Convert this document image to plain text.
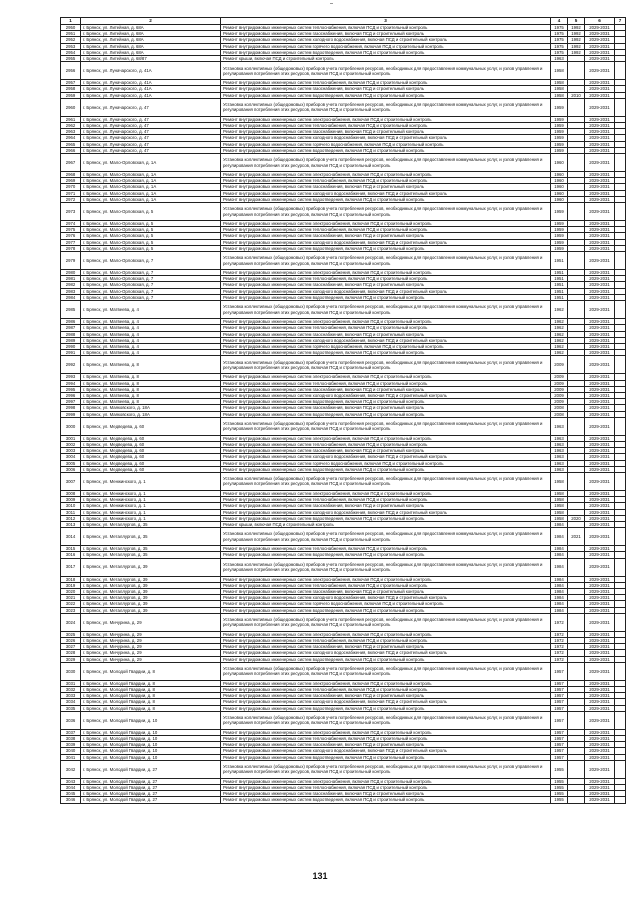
1	2	3	4	5	6	7
2950	г. Брянск, ул. Литейная, д. 68А	Ремонт внутридомовых инженерных систем теплоснабжения, включая ПСД и строительный контроль	1975	1992	2029-2031	
2951	г. Брянск, ул. Литейная, д. 68А	Ремонт внутридомовых инженерных систем газоснабжения, включая ПСД и строительный контроль	1975	1992	2029-2031	
2952	г. Брянск, ул. Литейная, д. 68А	Ремонт внутридомовых инженерных систем холодного водоснабжения, включая ПСД и строительный контроль	1975	1992	2029-2031	
2953	г. Брянск, ул. Литейная, д. 68А	Ремонт внутридомовых инженерных систем горячего водоснабжения, включая ПСД и строительный контроль	1975	1992	2029-2031	
2954	г. Брянск, ул. Литейная, д. 68А	Ремонт внутридомовых инженерных систем водоотведения, включая ПСД и строительный контроль	1975	1992	2029-2031	
2955	г. Брянск, ул. Литейная, д. 68/87	Ремонт крыши, включая ПСД и строительный контроль	1963		2029-2031	
2956	г. Брянск, ул. Луначарского, д. 41А	Установка коллективных (общедомовых) приборов учета потребления ресурсов, необходимых для предоставления коммунальных услуг, и узлов управления и регулирования потребления этих ресурсов, включая ПСД и строительный контроль	1958		2029-2031	
2957	г. Брянск, ул. Луначарского, д. 41А	Ремонт внутридомовых инженерных систем теплоснабжения, включая ПСД и строительный контроль	1958		2029-2031	
2958	г. Брянск, ул. Луначарского, д. 41А	Ремонт внутридомовых инженерных систем газоснабжения, включая ПСД и строительный контроль	1958		2029-2031	
2959	г. Брянск, ул. Луначарского, д. 41А	Ремонт внутридомовых инженерных систем водоотведения, включая ПСД и строительный контроль	1958	2010	2029-2031	
2960	г. Брянск, ул. Луначарского, д. 47	Установка коллективных (общедомовых) приборов учета потребления ресурсов, необходимых для предоставления коммунальных услуг, и узлов управления и регулирования потребления этих ресурсов, включая ПСД и строительный контроль	1959		2029-2031	
2961	г. Брянск, ул. Луначарского, д. 47	Ремонт внутридомовых инженерных систем электроснабжения, включая ПСД и строительный контроль	1959		2029-2031	
2962	г. Брянск, ул. Луначарского, д. 47	Ремонт внутридомовых инженерных систем теплоснабжения, включая ПСД и строительный контроль	1959		2029-2031	
2963	г. Брянск, ул. Луначарского, д. 47	Ремонт внутридомовых инженерных систем газоснабжения, включая ПСД и строительный контроль	1959		2029-2031	
2964	г. Брянск, ул. Луначарского, д. 47	Ремонт внутридомовых инженерных систем холодного водоснабжения, включая ПСД и строительный контроль	1959		2029-2031	
2965	г. Брянск, ул. Луначарского, д. 47	Ремонт внутридомовых инженерных систем горячего водоснабжения, включая ПСД и строительный контроль	1959		2029-2031	
2966	г. Брянск, ул. Луначарского, д. 47	Ремонт внутридомовых инженерных систем водоотведения, включая ПСД и строительный контроль	1959		2029-2031	
2967	г. Брянск, ул. Мало-Орловская, д. 1А	Установка коллективных (общедомовых) приборов учета потребления ресурсов, необходимых для предоставления коммунальных услуг, и узлов управления и регулирования потребления этих ресурсов, включая ПСД и строительный контроль	1960		2029-2031	
2968	г. Брянск, ул. Мало-Орловская, д. 1А	Ремонт внутридомовых инженерных систем электроснабжения, включая ПСД и строительный контроль	1960		2029-2031	
2969	г. Брянск, ул. Мало-Орловская, д. 1А	Ремонт внутридомовых инженерных систем теплоснабжения, включая ПСД и строительный контроль	1960		2029-2031	
2970	г. Брянск, ул. Мало-Орловская, д. 1А	Ремонт внутридомовых инженерных систем газоснабжения, включая ПСД и строительный контроль	1960		2029-2031	
2971	г. Брянск, ул. Мало-Орловская, д. 1А	Ремонт внутридомовых инженерных систем холодного водоснабжения, включая ПСД и строительный контроль	1960		2029-2031	
2972	г. Брянск, ул. Мало-Орловская, д. 1А	Ремонт внутридомовых инженерных систем водоотведения, включая ПСД и строительный контроль	1960		2029-2031	
2973	г. Брянск, ул. Мало-Орловская, д. 5	Установка коллективных (общедомовых) приборов учета потребления ресурсов, необходимых для предоставления коммунальных услуг, и узлов управления и регулирования потребления этих ресурсов, включая ПСД и строительный контроль	1959		2029-2031	
2974	г. Брянск, ул. Мало-Орловская, д. 5	Ремонт внутридомовых инженерных систем электроснабжения, включая ПСД и строительный контроль	1959		2029-2031	
2975	г. Брянск, ул. Мало-Орловская, д. 5	Ремонт внутридомовых инженерных систем теплоснабжения, включая ПСД и строительный контроль	1959		2029-2031	
2976	г. Брянск, ул. Мало-Орловская, д. 5	Ремонт внутридомовых инженерных систем газоснабжения, включая ПСД и строительный контроль	1959		2029-2031	
2977	г. Брянск, ул. Мало-Орловская, д. 5	Ремонт внутридомовых инженерных систем холодного водоснабжения, включая ПСД и строительный контроль	1959		2029-2031	
2978	г. Брянск, ул. Мало-Орловская, д. 5	Ремонт внутридомовых инженерных систем водоотведения, включая ПСД и строительный контроль	1959		2029-2031	
2979	г. Брянск, ул. Мало-Орловская, д. 7	Установка коллективных (общедомовых) приборов учета потребления ресурсов, необходимых для предоставления коммунальных услуг, и узлов управления и регулирования потребления этих ресурсов, включая ПСД и строительный контроль	1951		2029-2031	
2980	г. Брянск, ул. Мало-Орловская, д. 7	Ремонт внутридомовых инженерных систем электроснабжения, включая ПСД и строительный контроль	1951		2029-2031	
2981	г. Брянск, ул. Мало-Орловская, д. 7	Ремонт внутридомовых инженерных систем теплоснабжения, включая ПСД и строительный контроль	1951		2029-2031	
2982	г. Брянск, ул. Мало-Орловская, д. 7	Ремонт внутридомовых инженерных систем газоснабжения, включая ПСД и строительный контроль	1951		2029-2031	
2983	г. Брянск, ул. Мало-Орловская, д. 7	Ремонт внутридомовых инженерных систем холодного водоснабжения, включая ПСД и строительный контроль	1951		2029-2031	
2984	г. Брянск, ул. Мало-Орловская, д. 7	Ремонт внутридомовых инженерных систем водоотведения, включая ПСД и строительный контроль	1951		2029-2031	
2985	г. Брянск, ул. Матвеева, д. 4	Установка коллективных (общедомовых) приборов учета потребления ресурсов, необходимых для предоставления коммунальных услуг, и узлов управления и регулирования потребления этих ресурсов, включая ПСД и строительный контроль	1962		2029-2031	
2986	г. Брянск, ул. Матвеева, д. 4	Ремонт внутридомовых инженерных систем электроснабжения, включая ПСД и строительный контроль	1962		2029-2031	
2987	г. Брянск, ул. Матвеева, д. 4	Ремонт внутридомовых инженерных систем теплоснабжения, включая ПСД и строительный контроль	1962		2029-2031	
2988	г. Брянск, ул. Матвеева, д. 4	Ремонт внутридомовых инженерных систем газоснабжения, включая ПСД и строительный контроль	1962		2029-2031	
2989	г. Брянск, ул. Матвеева, д. 4	Ремонт внутридомовых инженерных систем холодного водоснабжения, включая ПСД и строительный контроль	1962		2029-2031	
2990	г. Брянск, ул. Матвеева, д. 4	Ремонт внутридомовых инженерных систем горячего водоснабжения, включая ПСД и строительный контроль	1962		2029-2031	
2991	г. Брянск, ул. Матвеева, д. 4	Ремонт внутридомовых инженерных систем водоотведения, включая ПСД и строительный контроль	1962		2029-2031	
2992	г. Брянск, ул. Матвеева, д. 8	Установка коллективных (общедомовых) приборов учета потребления ресурсов, необходимых для предоставления коммунальных услуг, и узлов управления и регулирования потребления этих ресурсов, включая ПСД и строительный контроль	2009		2029-2031	
2993	г. Брянск, ул. Матвеева, д. 8	Ремонт внутридомовых инженерных систем электроснабжения, включая ПСД и строительный контроль	2009		2029-2031	
2994	г. Брянск, ул. Матвеева, д. 8	Ремонт внутридомовых инженерных систем теплоснабжения, включая ПСД и строительный контроль	2009		2029-2031	
2995	г. Брянск, ул. Матвеева, д. 8	Ремонт внутридомовых инженерных систем газоснабжения, включая ПСД и строительный контроль	2009		2029-2031	
2996	г. Брянск, ул. Матвеева, д. 8	Ремонт внутридомовых инженерных систем холодного водоснабжения, включая ПСД и строительный контроль	2009		2029-2031	
2997	г. Брянск, ул. Матвеева, д. 8	Ремонт внутридомовых инженерных систем водоотведения, включая ПСД и строительный контроль	2009		2029-2031	
2998	г. Брянск, ул. Маяковского, д. 18А	Ремонт внутридомовых инженерных систем газоснабжения, включая ПСД и строительный контроль	2008		2029-2031	
2999	г. Брянск, ул. Маяковского, д. 18А	Ремонт внутридомовых инженерных систем водоотведения, включая ПСД и строительный контроль	2008		2029-2031	
3000	г. Брянск, ул. Медведева, д. 60	Установка коллективных (общедомовых) приборов учета потребления ресурсов, необходимых для предоставления коммунальных услуг, и узлов управления и регулирования потребления этих ресурсов, включая ПСД и строительный контроль	1963		2029-2031	
3001	г. Брянск, ул. Медведева, д. 60	Ремонт внутридомовых инженерных систем электроснабжения, включая ПСД и строительный контроль	1963		2029-2031	
3002	г. Брянск, ул. Медведева, д. 60	Ремонт внутридомовых инженерных систем теплоснабжения, включая ПСД и строительный контроль	1963		2029-2031	
3003	г. Брянск, ул. Медведева, д. 60	Ремонт внутридомовых инженерных систем газоснабжения, включая ПСД и строительный контроль	1963		2029-2031	
3004	г. Брянск, ул. Медведева, д. 60	Ремонт внутридомовых инженерных систем холодного водоснабжения, включая ПСД и строительный контроль	1963		2029-2031	
3005	г. Брянск, ул. Медведева, д. 60	Ремонт внутридомовых инженерных систем горячего водоснабжения, включая ПСД и строительный контроль	1963		2029-2031	
3006	г. Брянск, ул. Медведева, д. 60	Ремонт внутридомовых инженерных систем водоотведения, включая ПСД и строительный контроль	1963		2029-2031	
3007	г. Брянск, ул. Менжинского, д. 1	Установка коллективных (общедомовых) приборов учета потребления ресурсов, необходимых для предоставления коммунальных услуг, и узлов управления и регулирования потребления этих ресурсов, включая ПСД и строительный контроль	1958		2029-2031	
3008	г. Брянск, ул. Менжинского, д. 1	Ремонт внутридомовых инженерных систем электроснабжения, включая ПСД и строительный контроль	1958		2029-2031	
3009	г. Брянск, ул. Менжинского, д. 1	Ремонт внутридомовых инженерных систем теплоснабжения, включая ПСД и строительный контроль	1958		2029-2031	
3010	г. Брянск, ул. Менжинского, д. 1	Ремонт внутридомовых инженерных систем газоснабжения, включая ПСД и строительный контроль	1958		2029-2031	
3011	г. Брянск, ул. Менжинского, д. 1	Ремонт внутридомовых инженерных систем холодного водоснабжения, включая ПСД и строительный контроль	1958		2029-2031	
3012	г. Брянск, ул. Менжинского, д. 1	Ремонт внутридомовых инженерных систем водоотведения, включая ПСД и строительный контроль	1958	2020	2029-2031	
3013	г. Брянск, ул. Металлургов, д. 35	Ремонт крыши, включая ПСД и строительный контроль	1984		2029-2031	
3014	г. Брянск, ул. Металлургов, д. 35	Установка коллективных (общедомовых) приборов учета потребления ресурсов, необходимых для предоставления коммунальных услуг, и узлов управления и регулирования потребления этих ресурсов, включая ПСД и строительный контроль	1984	2021	2029-2031	
3015	г. Брянск, ул. Металлургов, д. 35	Ремонт внутридомовых инженерных систем теплоснабжения, включая ПСД и строительный контроль	1984		2029-2031	
3016	г. Брянск, ул. Металлургов, д. 35	Ремонт внутридомовых инженерных систем водоотведения, включая ПСД и строительный контроль	1984		2029-2031	
3017	г. Брянск, ул. Металлургов, д. 39	Установка коллективных (общедомовых) приборов учета потребления ресурсов, необходимых для предоставления коммунальных услуг, и узлов управления и регулирования потребления этих ресурсов, включая ПСД и строительный контроль	1984		2029-2031	
3018	г. Брянск, ул. Металлургов, д. 39	Ремонт внутридомовых инженерных систем электроснабжения, включая ПСД и строительный контроль	1984		2029-2031	
3019	г. Брянск, ул. Металлургов, д. 39	Ремонт внутридомовых инженерных систем теплоснабжения, включая ПСД и строительный контроль	1984		2029-2031	
3020	г. Брянск, ул. Металлургов, д. 39	Ремонт внутридомовых инженерных систем газоснабжения, включая ПСД и строительный контроль	1984		2029-2031	
3021	г. Брянск, ул. Металлургов, д. 39	Ремонт внутридомовых инженерных систем холодного водоснабжения, включая ПСД и строительный контроль	1984		2029-2031	
3022	г. Брянск, ул. Металлургов, д. 39	Ремонт внутридомовых инженерных систем горячего водоснабжения, включая ПСД и строительный контроль	1984		2029-2031	
3023	г. Брянск, ул. Металлургов, д. 39	Ремонт внутридомовых инженерных систем водоотведения, включая ПСД и строительный контроль	1984		2029-2031	
3024	г. Брянск, ул. Мичурина, д. 29	Установка коллективных (общедомовых) приборов учета потребления ресурсов, необходимых для предоставления коммунальных услуг, и узлов управления и регулирования потребления этих ресурсов, включая ПСД и строительный контроль	1972		2029-2031	
3025	г. Брянск, ул. Мичурина, д. 29	Ремонт внутридомовых инженерных систем электроснабжения, включая ПСД и строительный контроль	1972		2029-2031	
3026	г. Брянск, ул. Мичурина, д. 29	Ремонт внутридомовых инженерных систем теплоснабжения, включая ПСД и строительный контроль	1972		2029-2031	
3027	г. Брянск, ул. Мичурина, д. 29	Ремонт внутридомовых инженерных систем газоснабжения, включая ПСД и строительный контроль	1972		2029-2031	
3028	г. Брянск, ул. Мичурина, д. 29	Ремонт внутридомовых инженерных систем холодного водоснабжения, включая ПСД и строительный контроль	1972		2029-2031	
3029	г. Брянск, ул. Мичурина, д. 29	Ремонт внутридомовых инженерных систем водоотведения, включая ПСД и строительный контроль	1972		2029-2031	
3030	г. Брянск, ул. Молодой Гвардии, д. 8	Установка коллективных (общедомовых) приборов учета потребления ресурсов, необходимых для предоставления коммунальных услуг, и узлов управления и регулирования потребления этих ресурсов, включая ПСД и строительный контроль	1957		2029-2031	
3031	г. Брянск, ул. Молодой Гвардии, д. 8	Ремонт внутридомовых инженерных систем электроснабжения, включая ПСД и строительный контроль	1957		2029-2031	
3032	г. Брянск, ул. Молодой Гвардии, д. 8	Ремонт внутридомовых инженерных систем теплоснабжения, включая ПСД и строительный контроль	1957		2029-2031	
3033	г. Брянск, ул. Молодой Гвардии, д. 8	Ремонт внутридомовых инженерных систем газоснабжения, включая ПСД и строительный контроль	1957		2029-2031	
3034	г. Брянск, ул. Молодой Гвардии, д. 8	Ремонт внутридомовых инженерных систем холодного водоснабжения, включая ПСД и строительный контроль	1957		2029-2031	
3035	г. Брянск, ул. Молодой Гвардии, д. 8	Ремонт внутридомовых инженерных систем водоотведения, включая ПСД и строительный контроль	1957		2029-2031	
3036	г. Брянск, ул. Молодой Гвардии, д. 10	Установка коллективных (общедомовых) приборов учета потребления ресурсов, необходимых для предоставления коммунальных услуг, и узлов управления и регулирования потребления этих ресурсов, включая ПСД и строительный контроль	1957		2029-2031	
3037	г. Брянск, ул. Молодой Гвардии, д. 10	Ремонт внутридомовых инженерных систем электроснабжения, включая ПСД и строительный контроль	1957		2029-2031	
3038	г. Брянск, ул. Молодой Гвардии, д. 10	Ремонт внутридомовых инженерных систем теплоснабжения, включая ПСД и строительный контроль	1957		2029-2031	
3039	г. Брянск, ул. Молодой Гвардии, д. 10	Ремонт внутридомовых инженерных систем газоснабжения, включая ПСД и строительный контроль	1957		2029-2031	
3040	г. Брянск, ул. Молодой Гвардии, д. 10	Ремонт внутридомовых инженерных систем холодного водоснабжения, включая ПСД и строительный контроль	1957		2029-2031	
3041	г. Брянск, ул. Молодой Гвардии, д. 10	Ремонт внутридомовых инженерных систем водоотведения, включая ПСД и строительный контроль	1957		2029-2031	
3042	г. Брянск, ул. Молодой Гвардии, д. 27	Установка коллективных (общедомовых) приборов учета потребления ресурсов, необходимых для предоставления коммунальных услуг, и узлов управления и регулирования потребления этих ресурсов, включая ПСД и строительный контроль	1955		2029-2031	
3043	г. Брянск, ул. Молодой Гвардии, д. 27	Ремонт внутридомовых инженерных систем электроснабжения, включая ПСД и строительный контроль	1955		2029-2031	
3044	г. Брянск, ул. Молодой Гвардии, д. 27	Ремонт внутридомовых инженерных систем теплоснабжения, включая ПСД и строительный контроль	1955		2029-2031	
3045	г. Брянск, ул. Молодой Гвардии, д. 27	Ремонт внутридомовых инженерных систем газоснабжения, включая ПСД и строительный контроль	1955		2029-2031	
3046	г. Брянск, ул. Молодой Гвардии, д. 27	Ремонт внутридомовых инженерных систем водоотведения, включая ПСД и строительный контроль	1955		2029-2031	
131
